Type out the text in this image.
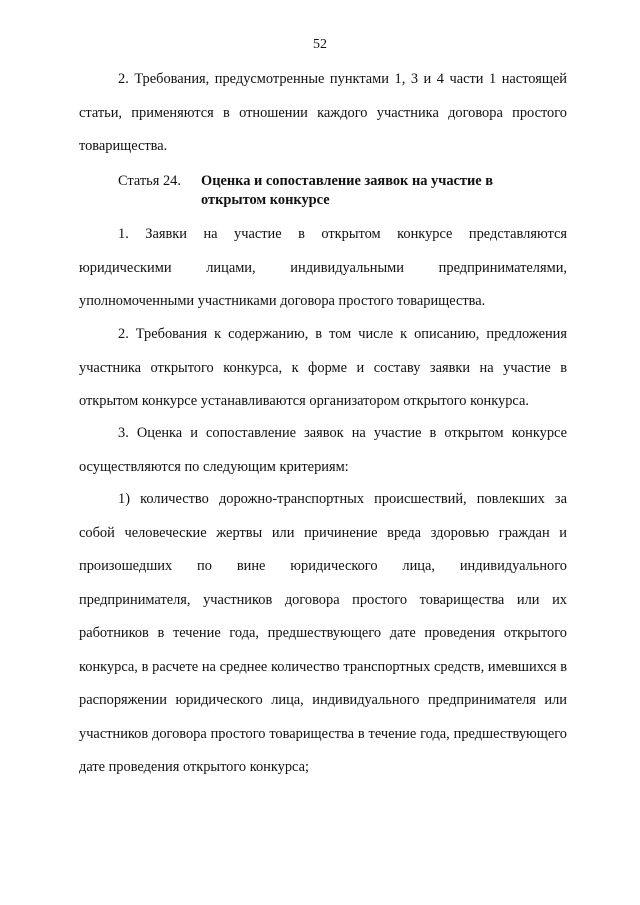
52
2. Требования, предусмотренные пунктами 1, 3 и 4 части 1 настоящей статьи, применяются в отношении каждого участника договора простого товарищества.
Статья 24. Оценка и сопоставление заявок на участие в открытом конкурсе
1. Заявки на участие в открытом конкурсе представляются юридическими лицами, индивидуальными предпринимателями, уполномоченными участниками договора простого товарищества.
2. Требования к содержанию, в том числе к описанию, предложения участника открытого конкурса, к форме и составу заявки на участие в открытом конкурсе устанавливаются организатором открытого конкурса.
3. Оценка и сопоставление заявок на участие в открытом конкурсе осуществляются по следующим критериям:
1) количество дорожно-транспортных происшествий, повлекших за собой человеческие жертвы или причинение вреда здоровью граждан и произошедших по вине юридического лица, индивидуального предпринимателя, участников договора простого товарищества или их работников в течение года, предшествующего дате проведения открытого конкурса, в расчете на среднее количество транспортных средств, имевшихся в распоряжении юридического лица, индивидуального предпринимателя или участников договора простого товарищества в течение года, предшествующего дате проведения открытого конкурса;
